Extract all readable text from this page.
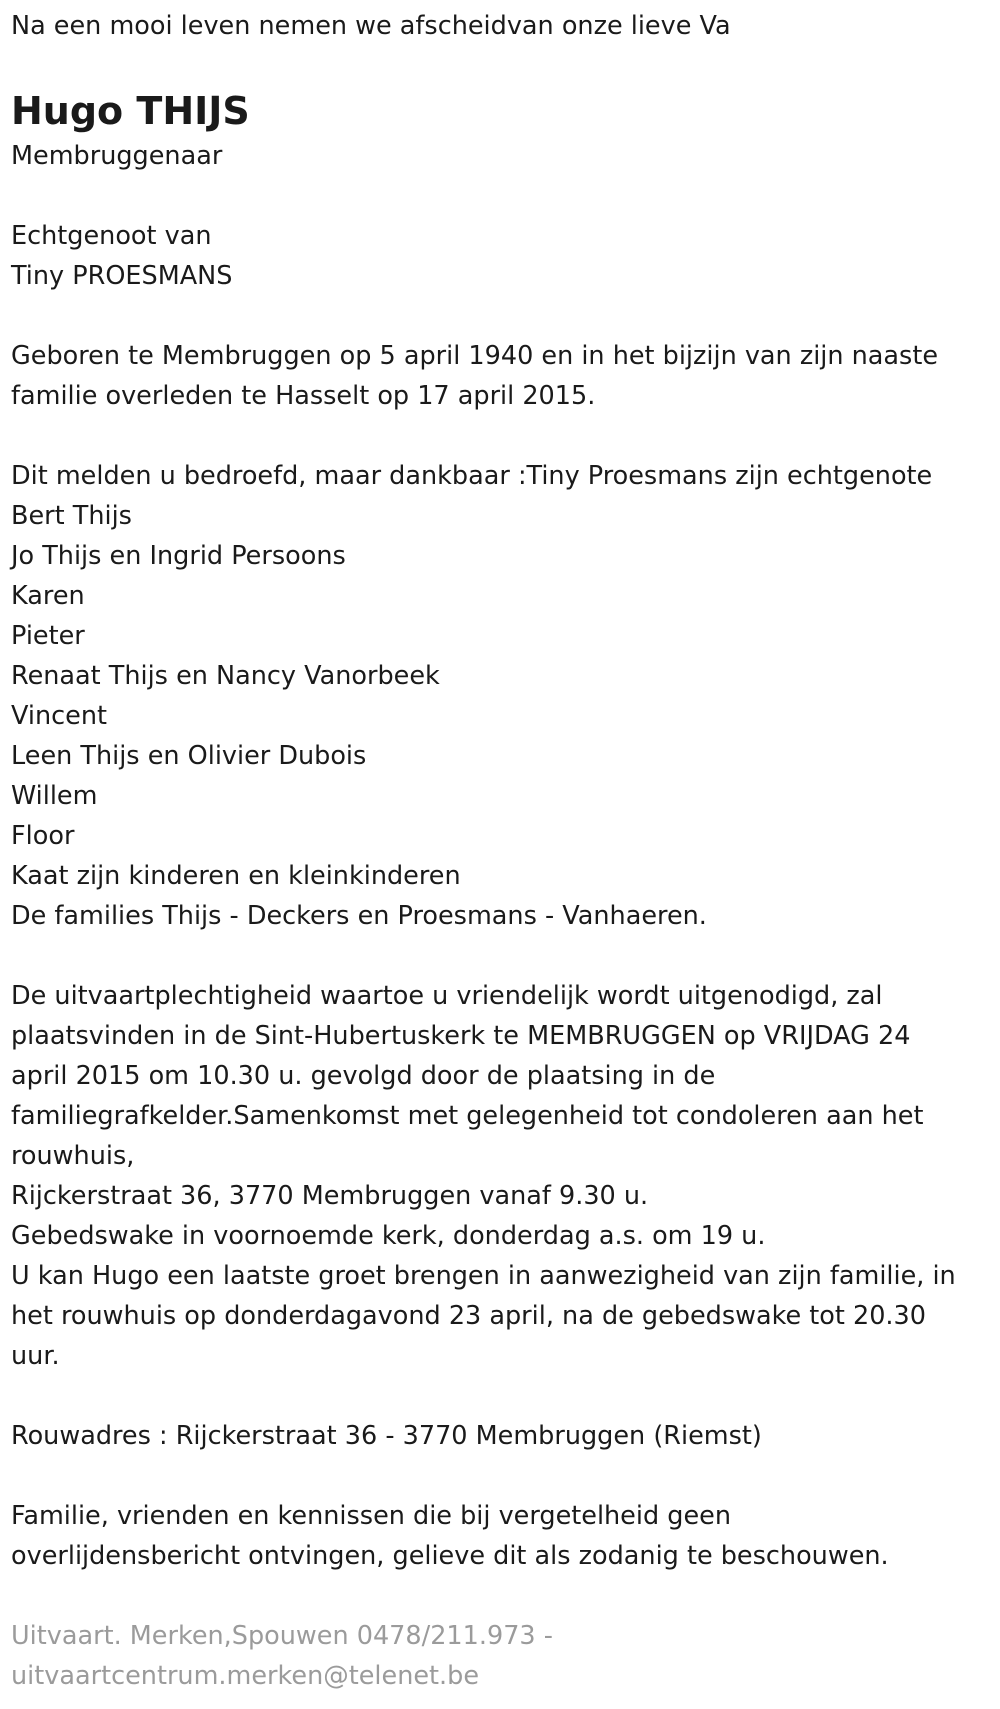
Na een mooi leven nemen we afscheidvan onze lieve Va

Hugo THIJS

Membruggenaar

Echtgenoot van

Tiny PROESMANS

Geboren te Membruggen op 5 april 1940 en in het bijzijn van zijn naaste

familie overleden te Hasselt op 17 april 2015.

Dit melden u bedroefd, maar dankbaar :Tiny Proesmans zijn echtgenote

Bert Thijs

Jo Thijs en Ingrid Persoons

Karen

Pieter

Renaat Thijs en Nancy Vanorbeek

Vincent

Leen Thijs en Olivier Dubois

Willem

Floor

Kaat zijn kinderen en kleinkinderen

De families Thijs - Deckers en Proesmans - Vanhaeren.

De uitvaartplechtigheid waartoe u vriendelijk wordt uitgenodigd, zal

plaatsvinden in de Sint-Hubertuskerk te MEMBRUGGEN op VRIJDAG 24

april 2015 om 10.30 u. gevolgd door de plaatsing in de

familiegrafkelder.Samenkomst met gelegenheid tot condoleren aan het

rouwhuis,

Rijckerstraat 36, 3770 Membruggen vanaf 9.30 u.

Gebedswake in voornoemde kerk, donderdag a.s. om 19 u.

U kan Hugo een laatste groet brengen in aanwezigheid van zijn familie, in

het rouwhuis op donderdagavond 23 april, na de gebedswake tot 20.30

uur.

Rouwadres : Rijckerstraat 36 - 3770 Membruggen (Riemst)

Familie, vrienden en kennissen die bij vergetelheid geen

overlijdensbericht ontvingen, gelieve dit als zodanig te beschouwen.

Uitvaart. Merken,Spouwen 0478/211.973 -

uitvaartcentrum.merken@telenet.be
